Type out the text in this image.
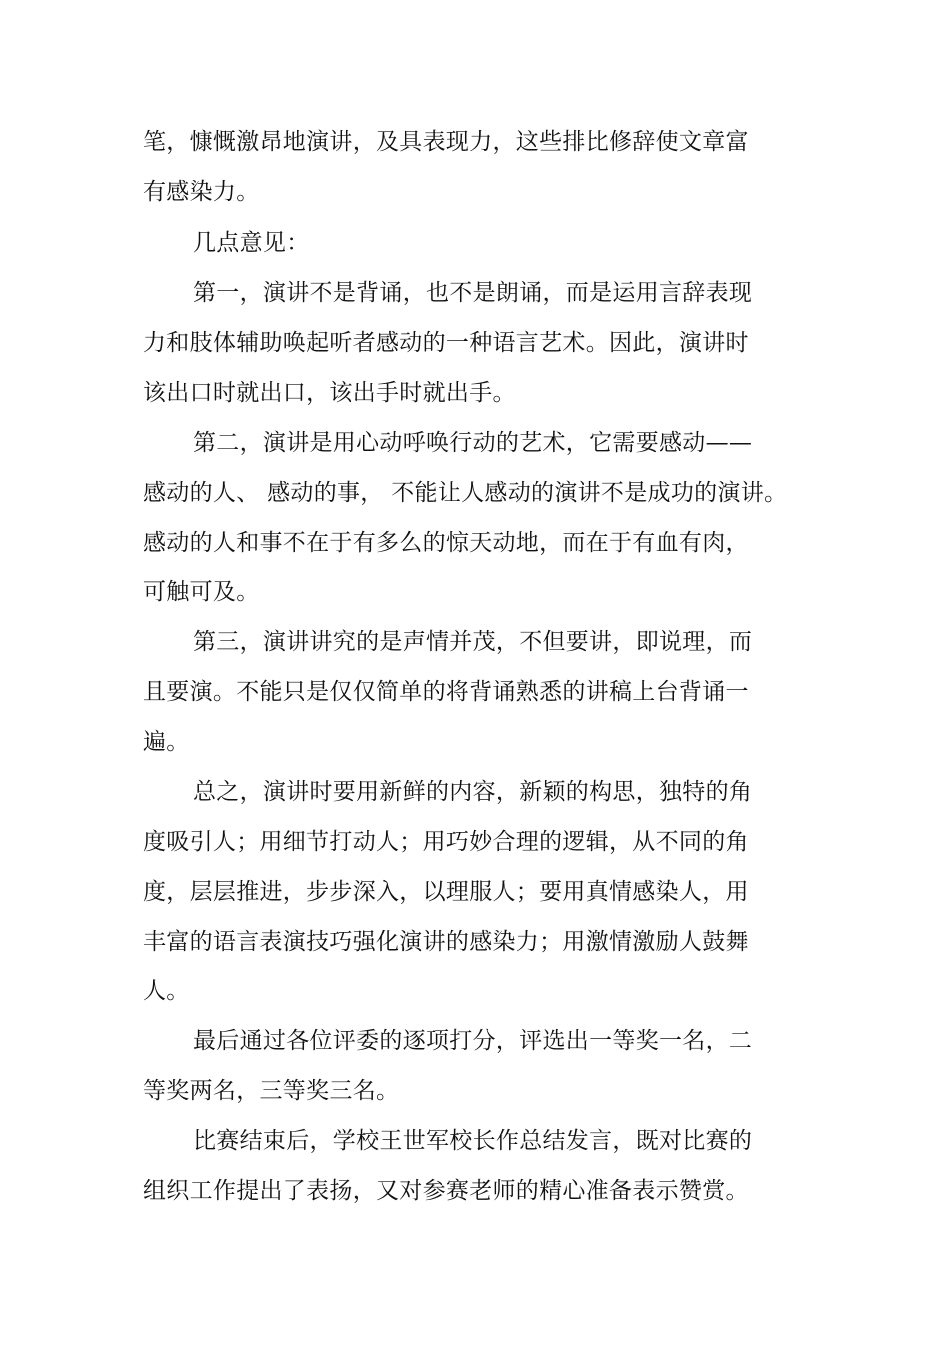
笔，慷慨激昂地演讲，及具表现力，这些排比修辞使文章富
有感染力。
几点意见：
第一，演讲不是背诵，也不是朗诵，而是运用言辞表现
力和肢体辅助唤起听者感动的一种语言艺术。因此，演讲时
该出口时就出口，该出手时就出手。
第二，演讲是用心动呼唤行动的艺术，它需要感动——
感动的人、 感动的事， 不能让人感动的演讲不是成功的演讲。
感动的人和事不在于有多么的惊天动地，而在于有血有肉，
可触可及。
第三，演讲讲究的是声情并茂，不但要讲，即说理，而
且要演。不能只是仅仅简单的将背诵熟悉的讲稿上台背诵一
遍。
总之，演讲时要用新鲜的内容，新颖的构思，独特的角
度吸引人；用细节打动人；用巧妙合理的逻辑，从不同的角
度，层层推进，步步深入，以理服人；要用真情感染人，用
丰富的语言表演技巧强化演讲的感染力；用激情激励人鼓舞
人。
最后通过各位评委的逐项打分，评选出一等奖一名，二
等奖两名，三等奖三名。
比赛结束后，学校王世军校长作总结发言，既对比赛的
组织工作提出了表扬，又对参赛老师的精心准备表示赞赏。
